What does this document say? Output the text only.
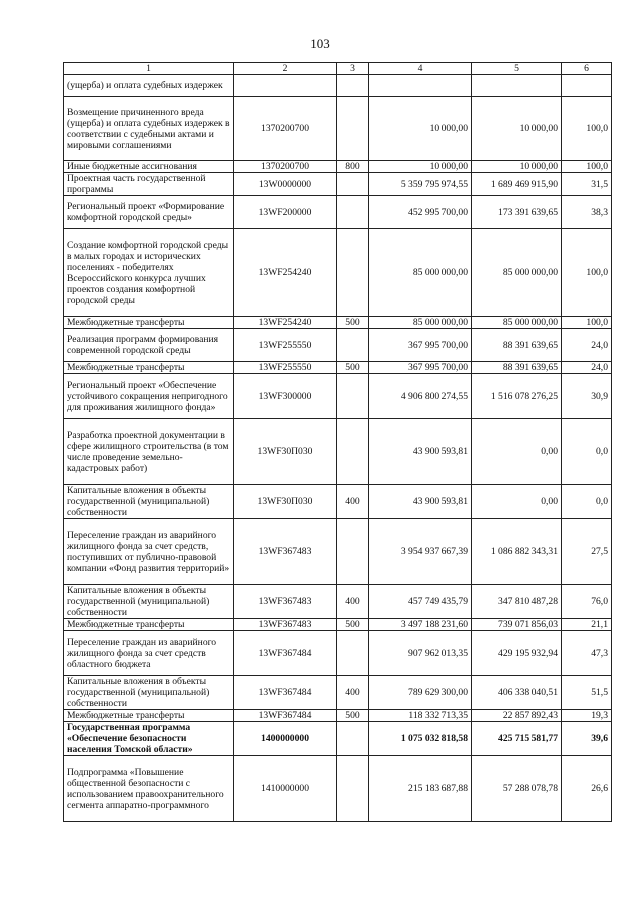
103
1	2	3	4	5	6
(ущерба) и оплата судебных издержек					
Возмещение причиненного вреда (ущерба) и оплата судебных издержек в соответствии с судебными актами и мировыми соглашениями	1370200700		10 000,00	10 000,00	100,0
Иные бюджетные ассигнования	1370200700	800	10 000,00	10 000,00	100,0
Проектная часть государственной программы	13W0000000		5 359 795 974,55	1 689 469 915,90	31,5
Региональный проект «Формирование комфортной городской среды»	13WF200000		452 995 700,00	173 391 639,65	38,3
Создание комфортной городской среды в малых городах и исторических поселениях - победителях Всероссийского конкурса лучших проектов создания комфортной городской среды	13WF254240		85 000 000,00	85 000 000,00	100,0
Межбюджетные трансферты	13WF254240	500	85 000 000,00	85 000 000,00	100,0
Реализация программ формирования современной городской среды	13WF255550		367 995 700,00	88 391 639,65	24,0
Межбюджетные трансферты	13WF255550	500	367 995 700,00	88 391 639,65	24,0
Региональный проект «Обеспечение устойчивого сокращения непригодного для проживания жилищного фонда»	13WF300000		4 906 800 274,55	1 516 078 276,25	30,9
Разработка проектной документации в сфере жилищного строительства (в том числе проведение земельно-кадастровых работ)	13WF30П030		43 900 593,81	0,00	0,0
Капитальные вложения в объекты государственной (муниципальной) собственности	13WF30П030	400	43 900 593,81	0,00	0,0
Переселение граждан из аварийного жилищного фонда за счет средств, поступивших от публично-правовой компании «Фонд развития территорий»	13WF367483		3 954 937 667,39	1 086 882 343,31	27,5
Капитальные вложения в объекты государственной (муниципальной) собственности	13WF367483	400	457 749 435,79	347 810 487,28	76,0
Межбюджетные трансферты	13WF367483	500	3 497 188 231,60	739 071 856,03	21,1
Переселение граждан из аварийного жилищного фонда за счет средств областного бюджета	13WF367484		907 962 013,35	429 195 932,94	47,3
Капитальные вложения в объекты государственной (муниципальной) собственности	13WF367484	400	789 629 300,00	406 338 040,51	51,5
Межбюджетные трансферты	13WF367484	500	118 332 713,35	22 857 892,43	19,3
Государственная программа «Обеспечение безопасности населения Томской области»	1400000000		1 075 032 818,58	425 715 581,77	39,6
Подпрограмма «Повышение общественной безопасности с использованием правоохранительного сегмента аппаратно-программного	1410000000		215 183 687,88	57 288 078,78	26,6
